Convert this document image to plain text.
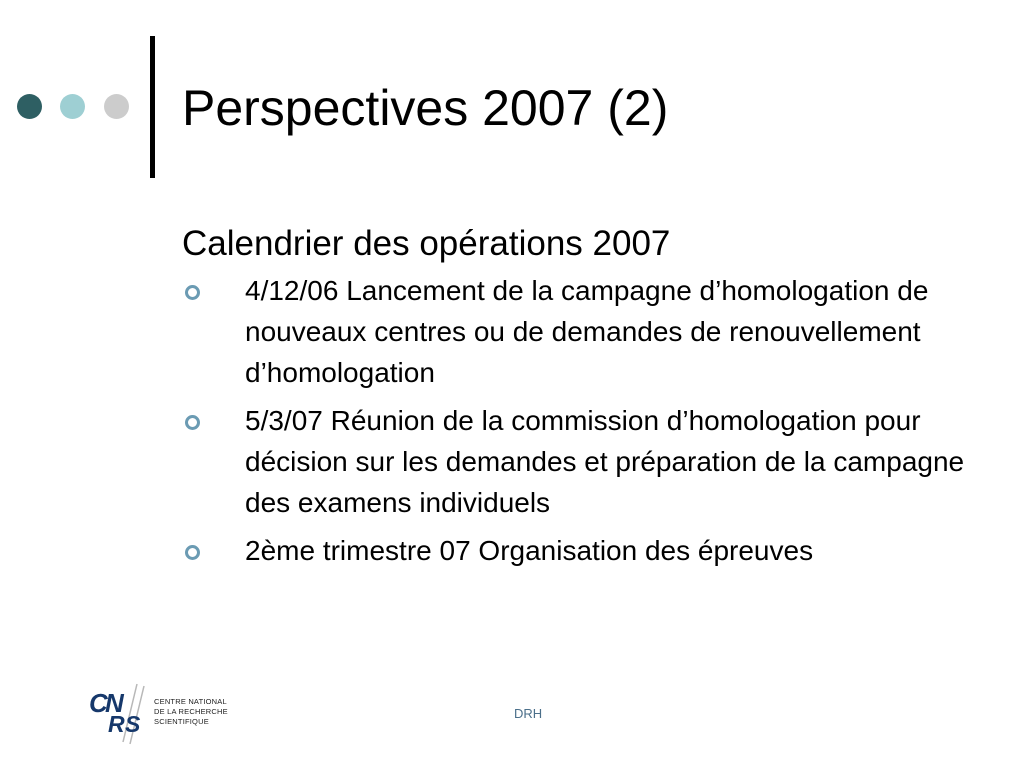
Perspectives 2007 (2)
Calendrier des opérations 2007
4/12/06 Lancement de la campagne d’homologation de nouveaux centres ou de demandes de renouvellement d’homologation
5/3/07 Réunion de la commission d’homologation pour décision sur les demandes et préparation de la campagne des examens individuels
2ème trimestre 07 Organisation des épreuves
C
N
R S
CENTRE NATIONAL
DE LA RECHERCHE
SCIENTIFIQUE
DRH
